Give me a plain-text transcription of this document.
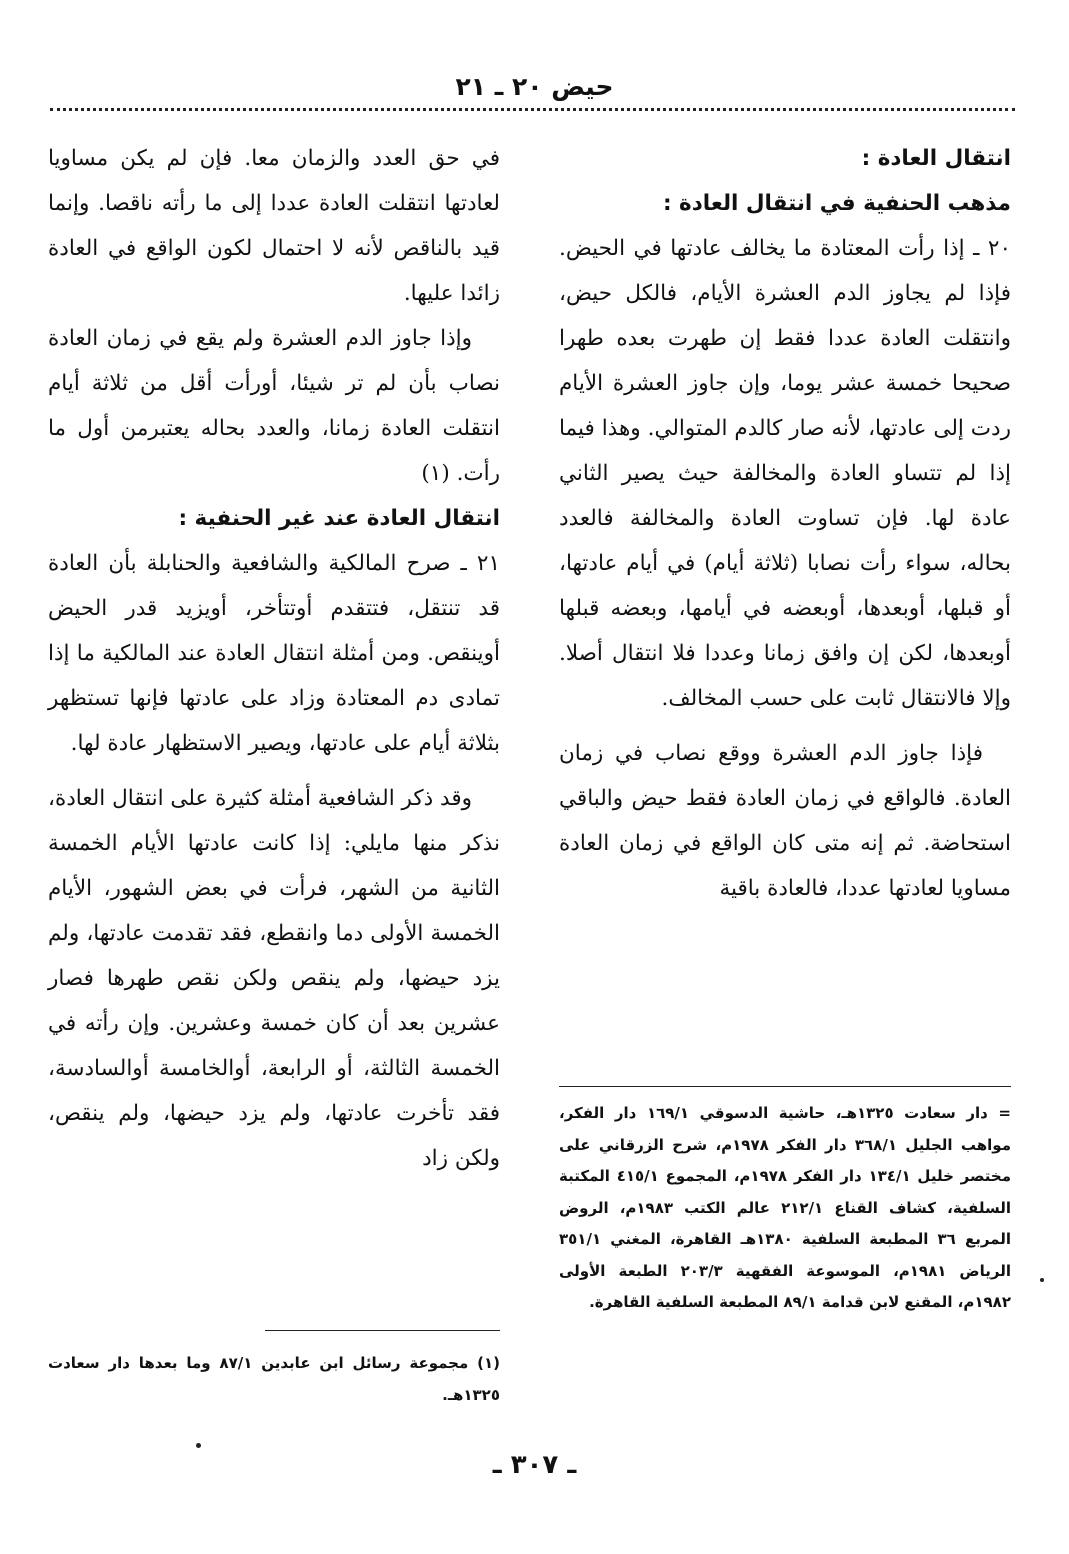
حيض ٢٠ ـ ٢١
انتقال العادة :
مذهب الحنفية في انتقال العادة :

٢٠ ـ إذا رأت المعتادة ما يخالف عادتها في الحيض. فإذا لم يجاوز الدم العشرة الأيام، فالكل حيض، وانتقلت العادة عددا فقط إن طهرت بعده طهرا صحيحا خمسة عشر يوما، وإن جاوز العشرة الأيام ردت إلى عادتها، لأنه صار كالدم المتوالي. وهذا فيما إذا لم تتساو العادة والمخالفة حيث يصير الثاني عادة لها. فإن تساوت العادة والمخالفة فالعدد بحاله، سواء رأت نصابا (ثلاثة أيام) في أيام عادتها، أو قبلها، أوبعدها، أوبعضه في أيامها، وبعضه قبلها أوبعدها، لكن إن وافق زمانا وعددا فلا انتقال أصلا. وإلا فالانتقال ثابت على حسب المخالف.

فإذا جاوز الدم العشرة ووقع نصاب في زمان العادة. فالواقع في زمان العادة فقط حيض والباقي استحاضة. ثم إنه متى كان الواقع في زمان العادة مساويا لعادتها عددا، فالعادة باقية

= دار سعادت ١٣٢٥هـ، حاشية الدسوقي ١٦٩/١ دار الفكر، مواهب الجليل ٣٦٨/١ دار الفكر ١٩٧٨م، شرح الزرقاني على مختصر خليل ١٣٤/١ دار الفكر ١٩٧٨م، المجموع ٤١٥/١ المكتبة السلفية، كشاف القناع ٢١٢/١ عالم الكتب ١٩٨٣م، الروض المربع ٣٦ المطبعة السلفية ١٣٨٠هـ القاهرة، المغني ٣٥١/١ الرياض ١٩٨١م، الموسوعة الفقهية ٢٠٣/٣ الطبعة الأولى ١٩٨٢م، المقنع لابن قدامة ٨٩/١ المطبعة السلفية القاهرة.

في حق العدد والزمان معا. فإن لم يكن مساويا لعادتها انتقلت العادة عددا إلى ما رأته ناقصا. وإنما قيد بالناقص لأنه لا احتمال لكون الواقع في العادة زائدا عليها.

وإذا جاوز الدم العشرة ولم يقع في زمان العادة نصاب بأن لم تر شيئا، أورأت أقل من ثلاثة أيام انتقلت العادة زمانا، والعدد بحاله يعتبرمن أول ما رأت. (١)

انتقال العادة عند غير الحنفية :

٢١ ـ صرح المالكية والشافعية والحنابلة بأن العادة قد تنتقل، فتتقدم أوتتأخر، أويزيد قدر الحيض أوينقص. ومن أمثلة انتقال العادة عند المالكية ما إذا تمادى دم المعتادة وزاد على عادتها فإنها تستظهر بثلاثة أيام على عادتها، ويصير الاستظهار عادة لها.

وقد ذكر الشافعية أمثلة كثيرة على انتقال العادة، نذكر منها مايلي: إذا كانت عادتها الأيام الخمسة الثانية من الشهر، فرأت في بعض الشهور، الأيام الخمسة الأولى دما وانقطع، فقد تقدمت عادتها، ولم يزد حيضها، ولم ينقص ولكن نقص طهرها فصار عشرين بعد أن كان خمسة وعشرين. وإن رأته في الخمسة الثالثة، أو الرابعة، أوالخامسة أوالسادسة، فقد تأخرت عادتها، ولم يزد حيضها، ولم ينقص، ولكن زاد

(١) مجموعة رسائل ابن عابدين ٨٧/١ وما بعدها دار سعادت ١٣٢٥هـ.

ـ ٣٠٧ ـ
